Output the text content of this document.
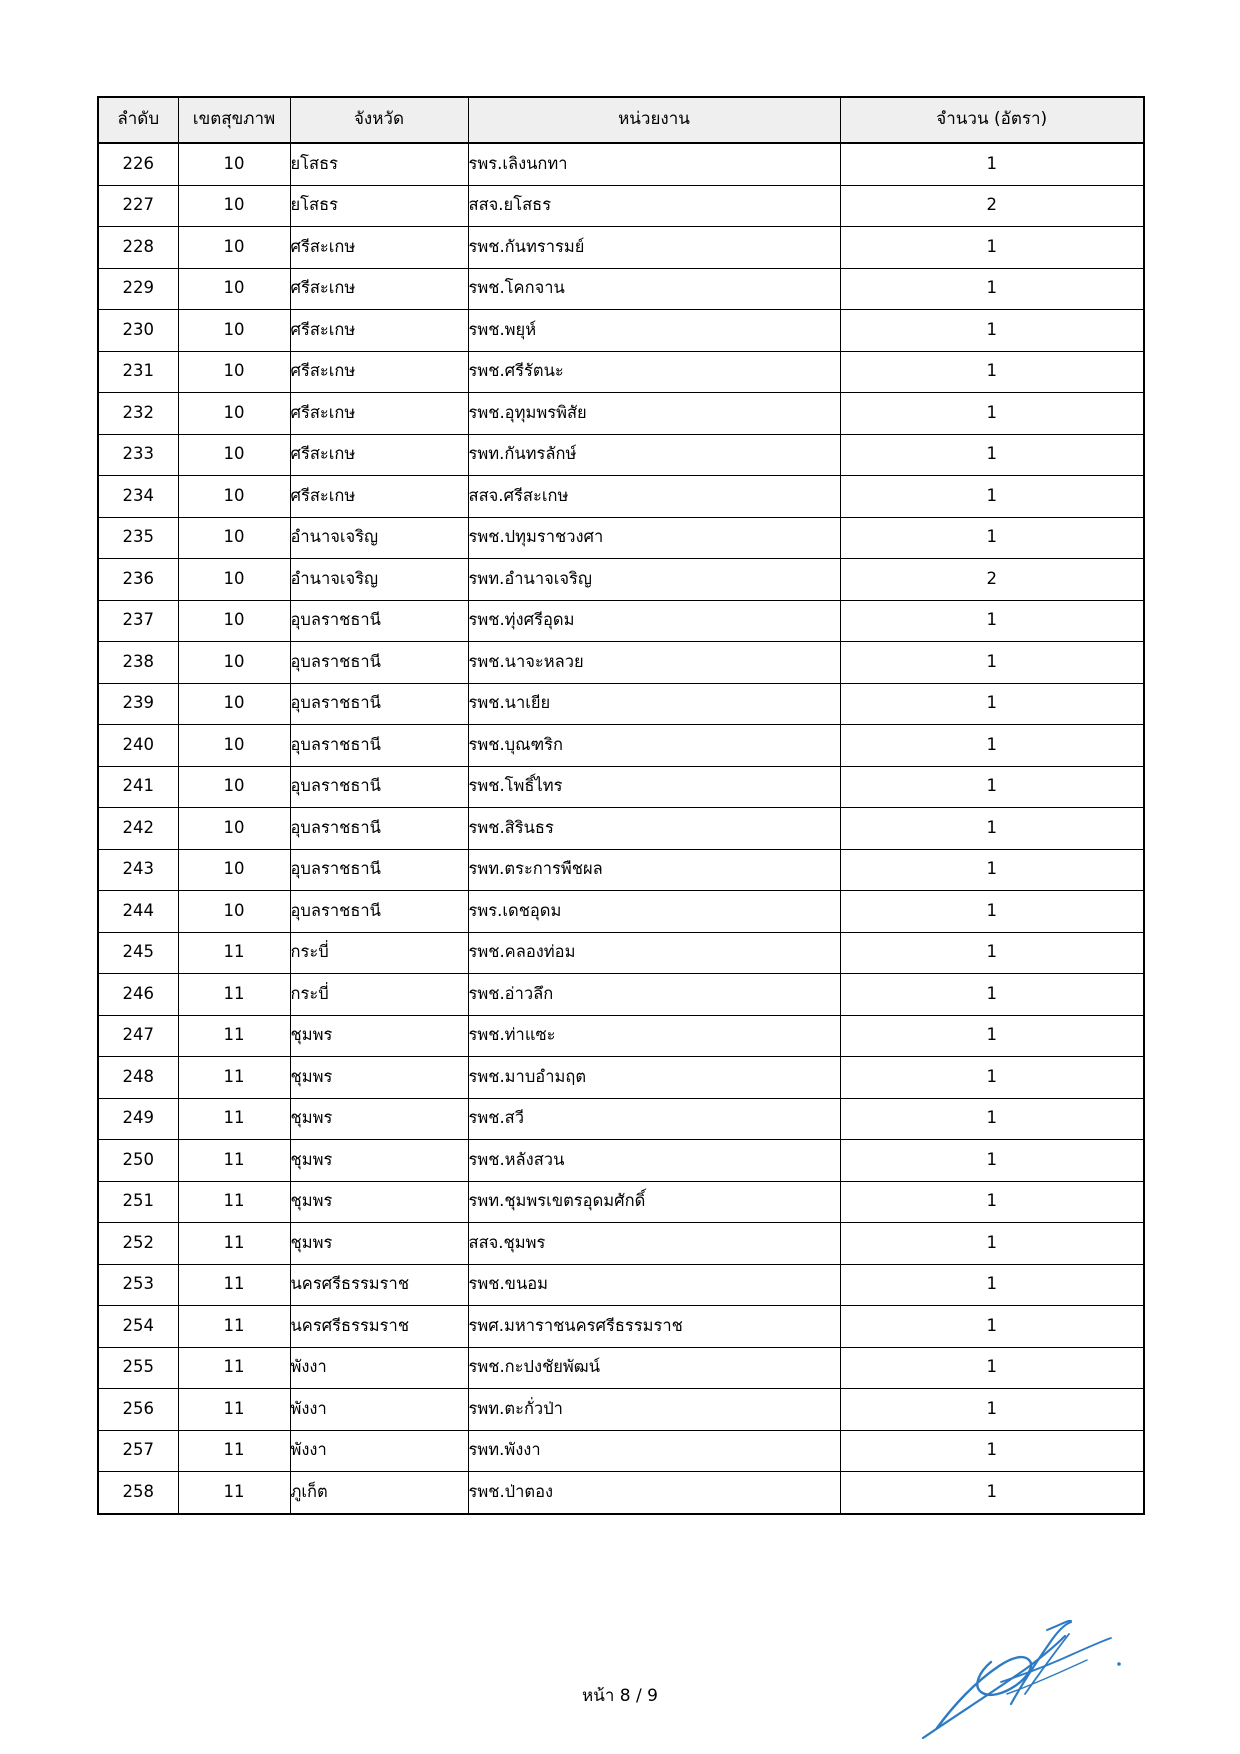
ลำดับ	เขตสุขภาพ	จังหวัด	หน่วยงาน	จำนวน (อัตรา)
226	10	ยโสธร	รพร.เลิงนกทา	1
227	10	ยโสธร	สสจ.ยโสธร	2
228	10	ศรีสะเกษ	รพช.กันทรารมย์	1
229	10	ศรีสะเกษ	รพช.โคกจาน	1
230	10	ศรีสะเกษ	รพช.พยุห์	1
231	10	ศรีสะเกษ	รพช.ศรีรัตนะ	1
232	10	ศรีสะเกษ	รพช.อุทุมพรพิสัย	1
233	10	ศรีสะเกษ	รพท.กันทรลักษ์	1
234	10	ศรีสะเกษ	สสจ.ศรีสะเกษ	1
235	10	อำนาจเจริญ	รพช.ปทุมราชวงศา	1
236	10	อำนาจเจริญ	รพท.อำนาจเจริญ	2
237	10	อุบลราชธานี	รพช.ทุ่งศรีอุดม	1
238	10	อุบลราชธานี	รพช.นาจะหลวย	1
239	10	อุบลราชธานี	รพช.นาเยีย	1
240	10	อุบลราชธานี	รพช.บุณฑริก	1
241	10	อุบลราชธานี	รพช.โพธิ์ไทร	1
242	10	อุบลราชธานี	รพช.สิรินธร	1
243	10	อุบลราชธานี	รพท.ตระการพืชผล	1
244	10	อุบลราชธานี	รพร.เดชอุดม	1
245	11	กระบี่	รพช.คลองท่อม	1
246	11	กระบี่	รพช.อ่าวลึก	1
247	11	ชุมพร	รพช.ท่าแซะ	1
248	11	ชุมพร	รพช.มาบอำมฤต	1
249	11	ชุมพร	รพช.สวี	1
250	11	ชุมพร	รพช.หลังสวน	1
251	11	ชุมพร	รพท.ชุมพรเขตรอุดมศักดิ์	1
252	11	ชุมพร	สสจ.ชุมพร	1
253	11	นครศรีธรรมราช	รพช.ขนอม	1
254	11	นครศรีธรรมราช	รพศ.มหาราชนครศรีธรรมราช	1
255	11	พังงา	รพช.กะปงชัยพัฒน์	1
256	11	พังงา	รพท.ตะกั่วป่า	1
257	11	พังงา	รพท.พังงา	1
258	11	ภูเก็ต	รพช.ป่าตอง	1
หน้า 8 / 9
